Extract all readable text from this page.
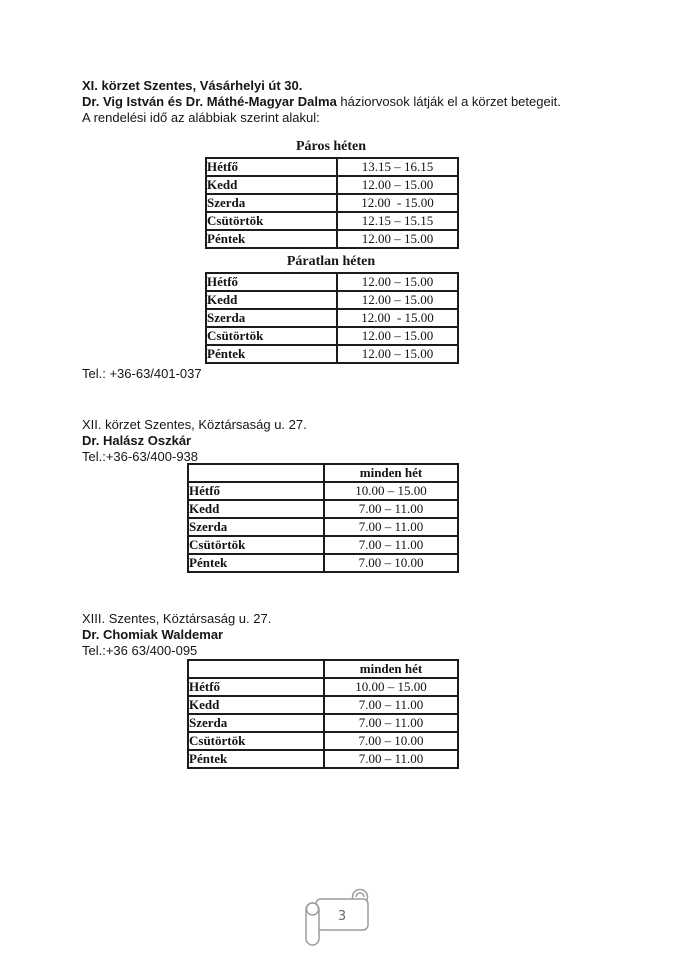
XI. körzet Szentes, Vásárhelyi út 30.
Dr. Vig István és Dr. Máthé-Magyar Dalma háziorvosok látják el a körzet betegeit.
A rendelési idő az alábbiak szerint alakul:
Páros héten
Hétfő	13.15 – 16.15
Kedd	12.00 – 15.00
Szerda	12.00  - 15.00
Csütörtök	12.15 – 15.15
Péntek	12.00 – 15.00
Páratlan héten
Hétfő	12.00 – 15.00
Kedd	12.00 – 15.00
Szerda	12.00  - 15.00
Csütörtök	12.00 – 15.00
Péntek	12.00 – 15.00
Tel.: +36-63/401-037
XII. körzet Szentes, Köztársaság u. 27.
Dr. Halász Oszkár
Tel.:+36-63/400-938
	minden hét
Hétfő	10.00 – 15.00
Kedd	7.00 – 11.00
Szerda	7.00 – 11.00
Csütörtök	7.00 – 11.00
Péntek	7.00 – 10.00
XIII. Szentes, Köztársaság u. 27.
Dr. Chomiak Waldemar
Tel.:+36 63/400-095
	minden hét
Hétfő	10.00 – 15.00
Kedd	7.00 – 11.00
Szerda	7.00 – 11.00
Csütörtök	7.00 – 10.00
Péntek	7.00 – 11.00
3
